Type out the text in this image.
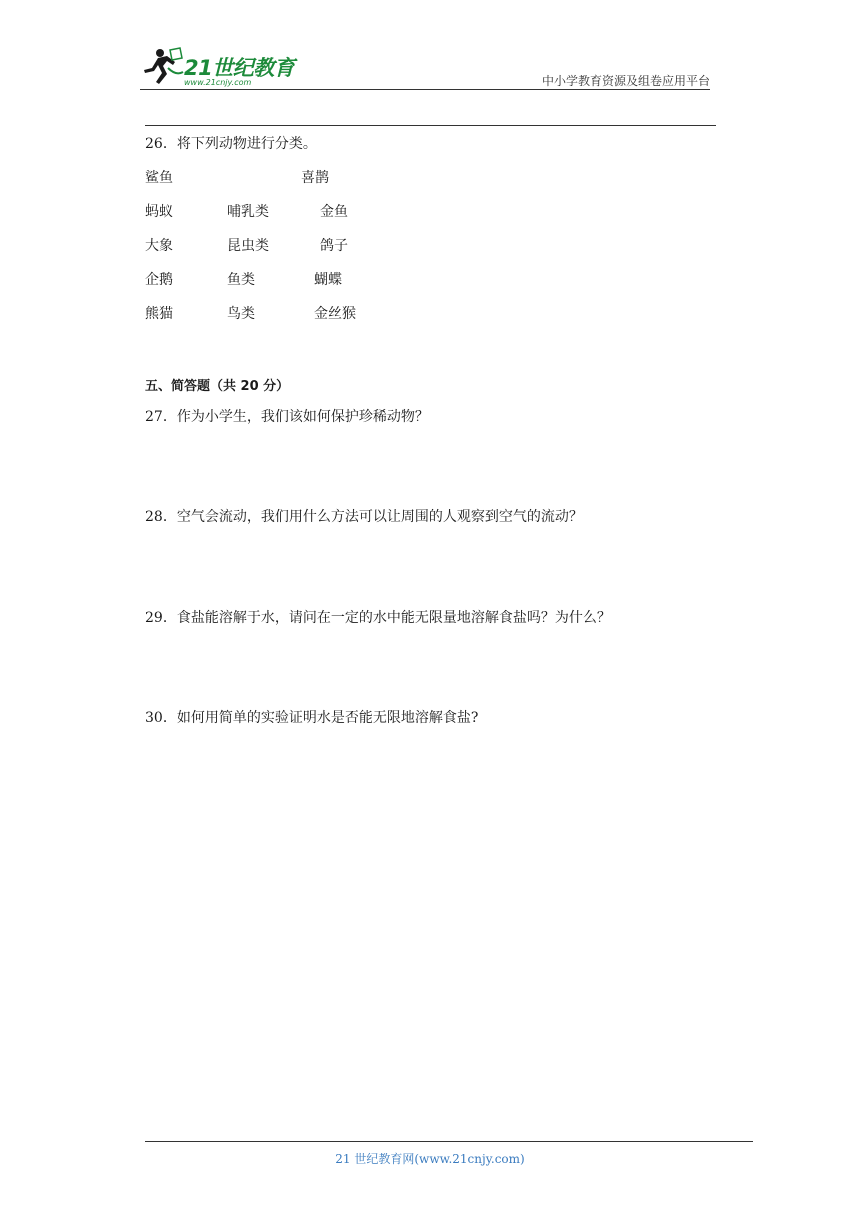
21世纪教育
www.21cnjy.com	中小学教育资源及组卷应用平台
26．将下列动物进行分类。
鲨鱼
蚂蚁
大象
企鹅
熊猫
哺乳类
昆虫类
鱼类
鸟类
喜鹊
金鱼
鸽子
蝴蝶
金丝猴
五、简答题（共 20 分）
27．作为小学生，我们该如何保护珍稀动物？
28．空气会流动，我们用什么方法可以让周围的人观察到空气的流动？
29．食盐能溶解于水，请问在一定的水中能无限量地溶解食盐吗？为什么？
30．如何用简单的实验证明水是否能无限地溶解食盐?
21 世纪教育网(www.21cnjy.com)
